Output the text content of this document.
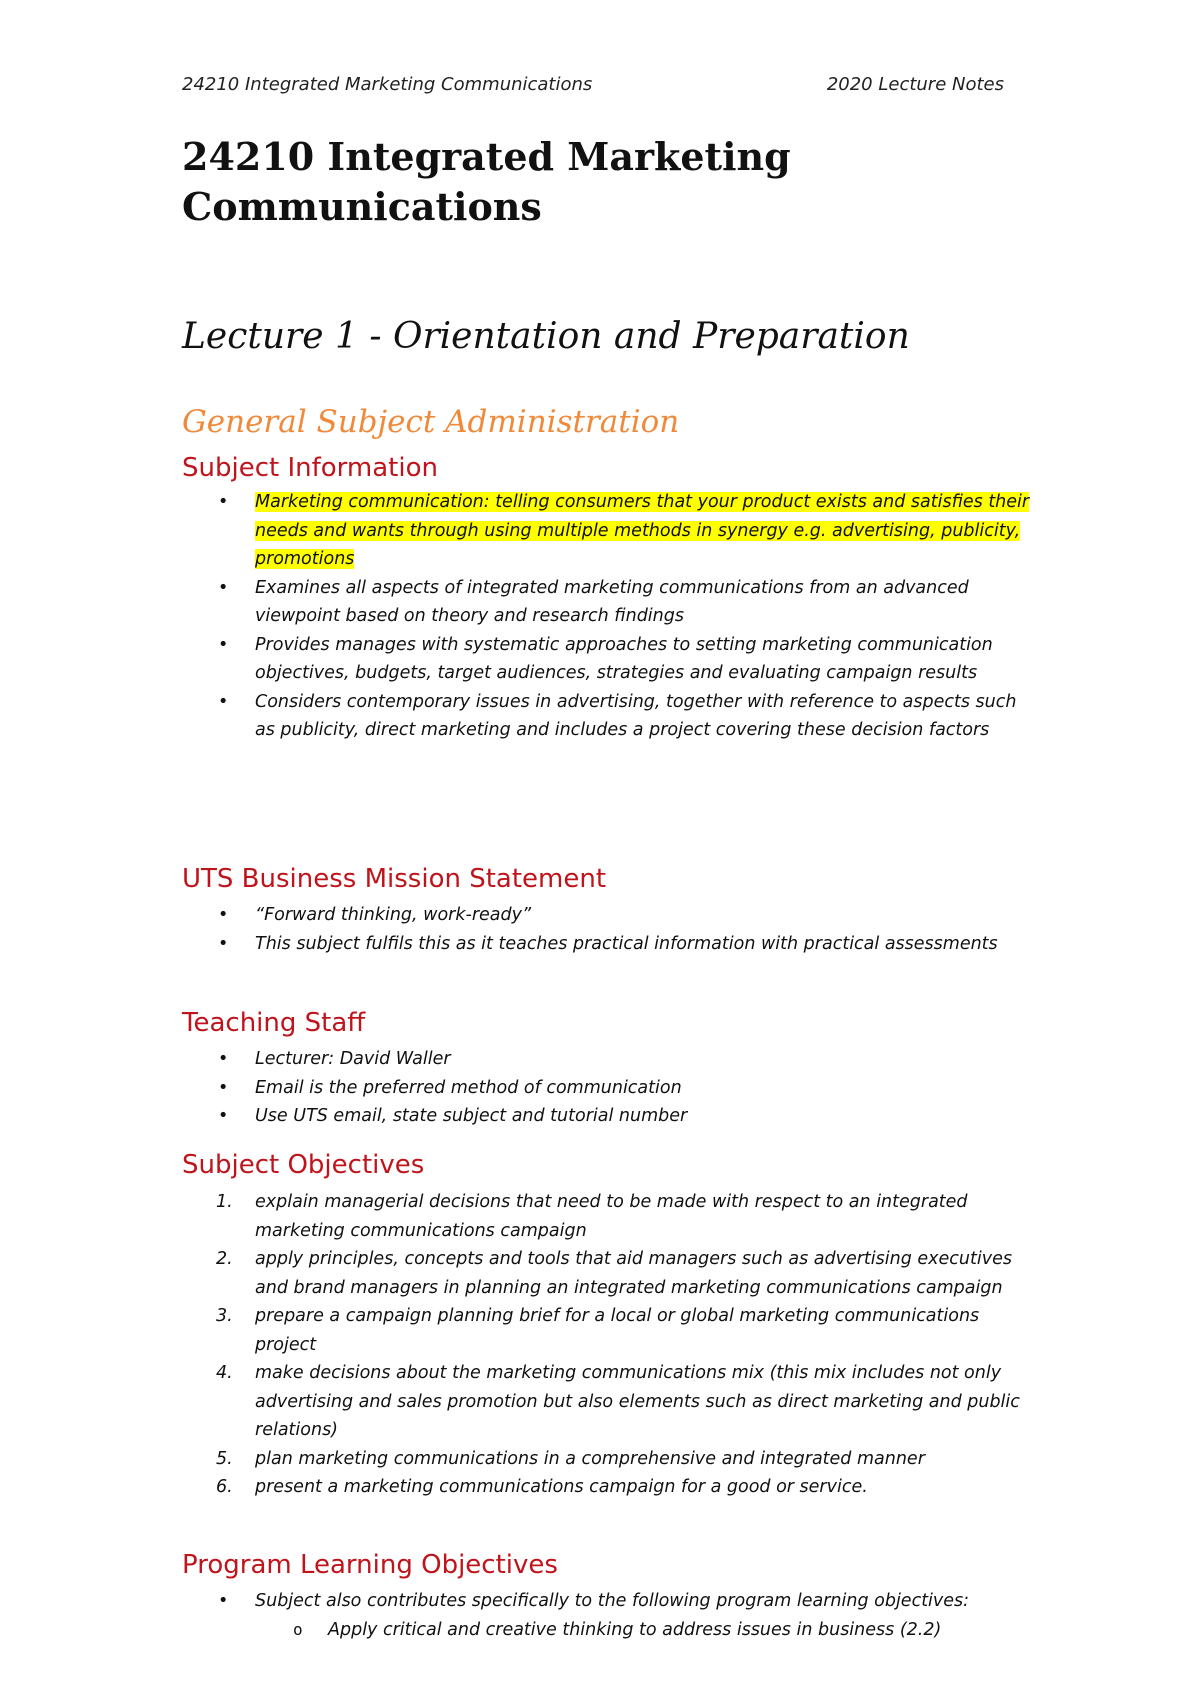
24210 Integrated Marketing Communications	2020 Lecture Notes
24210 Integrated Marketing Communications
Lecture 1 - Orientation and Preparation
General Subject Administration
Subject Information
• Marketing communication: telling consumers that your product exists and satisfies their needs and wants through using multiple methods in synergy e.g. advertising, publicity, promotions
• Examines all aspects of integrated marketing communications from an advanced viewpoint based on theory and research findings
• Provides manages with systematic approaches to setting marketing communication objectives, budgets, target audiences, strategies and evaluating campaign results
• Considers contemporary issues in advertising, together with reference to aspects such as publicity, direct marketing and includes a project covering these decision factors
UTS Business Mission Statement
• “Forward thinking, work-ready”
• This subject fulfils this as it teaches practical information with practical assessments
Teaching Staff
• Lecturer: David Waller
• Email is the preferred method of communication
• Use UTS email, state subject and tutorial number
Subject Objectives
1. explain managerial decisions that need to be made with respect to an integrated marketing communications campaign
2. apply principles, concepts and tools that aid managers such as advertising executives and brand managers in planning an integrated marketing communications campaign
3. prepare a campaign planning brief for a local or global marketing communications project
4. make decisions about the marketing communications mix (this mix includes not only advertising and sales promotion but also elements such as direct marketing and public relations)
5. plan marketing communications in a comprehensive and integrated manner
6. present a marketing communications campaign for a good or service.
Program Learning Objectives
• Subject also contributes specifically to the following program learning objectives:
o Apply critical and creative thinking to address issues in business (2.2)
